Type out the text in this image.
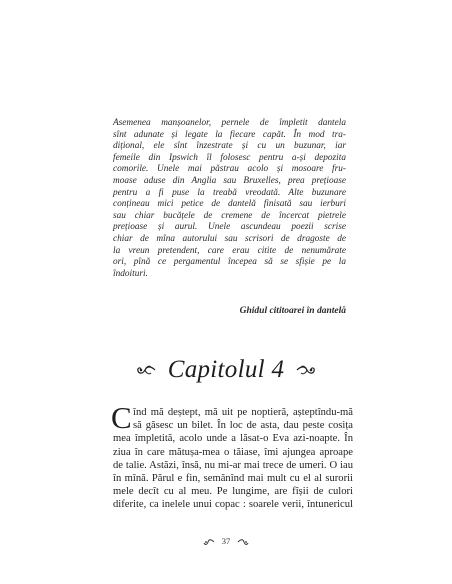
Asemenea manșoanelor, pernele de împletit dantela
sînt adunate și legate la fiecare capăt. În mod tra-
dițional, ele sînt înzestrate și cu un buzunar, iar
femeile din Ipswich îl folosesc pentru a-și depozita
comorile. Unele mai păstrau acolo și mosoare fru-
moase aduse din Anglia sau Bruxelles, prea prețioase
pentru a fi puse la treabă vreodată. Alte buzunare
conțineau mici petice de dantelă finisată sau ierburi
sau chiar bucățele de cremene de încercat pietrele
prețioase și aurul. Unele ascundeau poezii scrise
chiar de mîna autorului sau scrisori de dragoste de
la vreun pretendent, care erau citite de nenumărate
ori, pînă ce pergamentul începea să se sfișie pe la
îndoituri.
Ghidul cititoarei în dantelă
Capitolul 4
C înd mă deștept, mă uit pe noptieră, așteptîndu-mă
să găsesc un bilet. În loc de asta, dau peste cosița
mea împletită, acolo unde a lăsat-o Eva azi-noapte. În
ziua în care mătușa-mea o tăiase, îmi ajungea aproape
de talie. Astăzi, însă, nu mi-ar mai trece de umeri. O iau
în mînă. Părul e fin, semănînd mai mult cu el al surorii
mele decît cu al meu. Pe lungime, are fîșii de culori
diferite, ca inelele unui copac : soarele verii, întunericul
37
